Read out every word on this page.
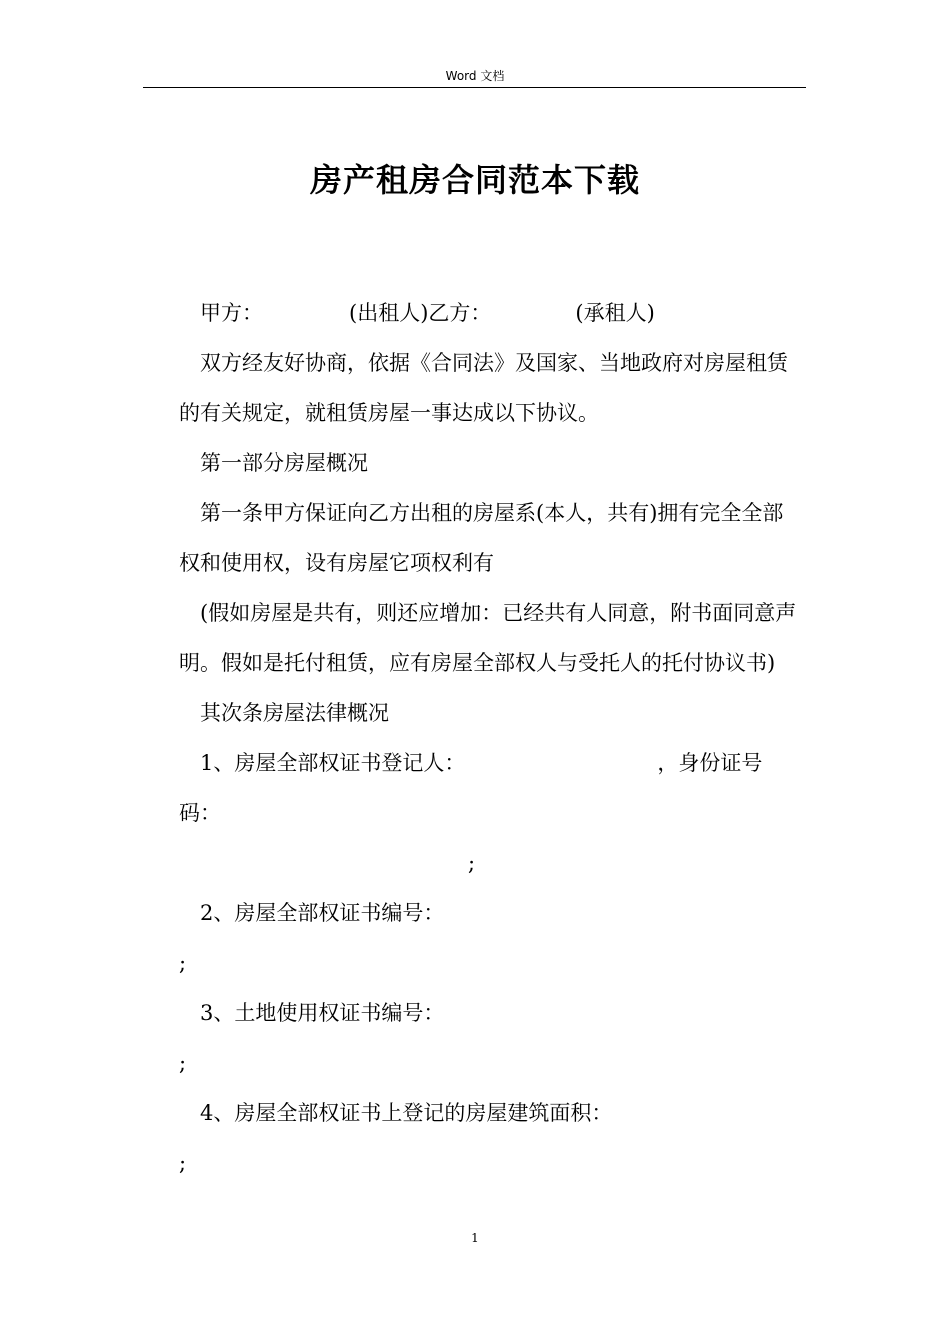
Word 文档
房产租房合同范本下载

甲方：	(出租人)乙方：	(承租人)

双方经友好协商，依据《合同法》及国家、当地政府对房屋租赁的有关规定，就租赁房屋一事达成以下协议。

第一部分房屋概况

第一条甲方保证向乙方出租的房屋系(本人，共有)拥有完全全部权和使用权，设有房屋它项权利有

(假如房屋是共有，则还应增加：已经共有人同意，附书面同意声明。假如是托付租赁，应有房屋全部权人与受托人的托付协议书)

其次条房屋法律概况

1、房屋全部权证书登记人：	，身份证号码：

;

2、房屋全部权证书编号：

;

3、土地使用权证书编号：

;

4、房屋全部权证书上登记的房屋建筑面积：

;

1
